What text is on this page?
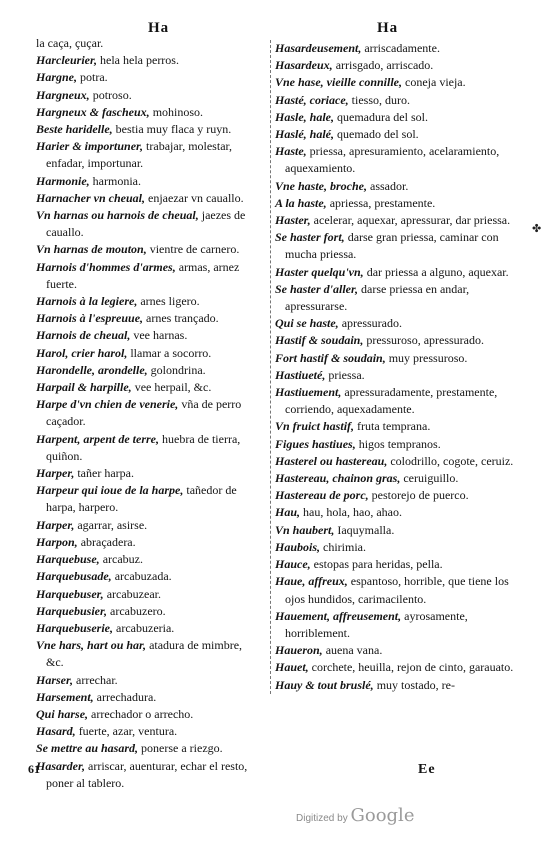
Ha	Ha

la caça, çuçar.

Harcleurier, hela hela perros.

Hargne, potra.

Hargneux, potroso.

Hargneux & fascheux, mohinoso.

Beste haridelle, bestia muy flaca y ruyn.

Harier & importuner, trabajar, molestar, enfadar, importunar.

Harmonie, harmonia.

Harnacher vn cheual, enjaezar vn cauallo.

Vn harnas ou harnois de cheual, jaezes de cauallo.

Vn harnas de mouton, vientre de carnero.

Harnois d'hommes d'armes, armas, arnez fuerte.

Harnois à la legiere, arnes ligero.

Harnois à l'espreuue, arnes trançado.

Harnois de cheual, vee harnas.

Harol, crier harol, llamar a socorro.

Harondelle, arondelle, golondrina.

Harpail & harpille, vee herpail, &c.

Harpe d'vn chien de venerie, vña de perro caçador.

Harpent, arpent de terre, huebra de tierra, quiñon.

Harper, tañer harpa.

Harpeur qui ioue de la harpe, tañedor de harpa, harpero.

Harper, agarrar, asirse.

Harpon, abraçadera.

Harquebuse, arcabuz.

Harquebusade, arcabuzada.

Harquebuser, arcabuzear.

Harquebusier, arcabuzero.

Harquebuserie, arcabuzeria.

Vne hars, hart ou har, atadura de mimbre, &c.

Harser, arrechar.

Harsement, arrechadura.

Qui harse, arrechador o arrecho.

Hasard, fuerte, azar, ventura.

Se mettre au hasard, ponerse a riezgo.

Hasarder, arriscar, auenturar, echar el resto, poner al tablero.

Hasardeusement, arriscadamente.

Hasardeux, arrisgado, arriscado.

Vne hase, vieille connille, coneja vieja.

Hasté, coriace, tiesso, duro.

Hasle, hale, quemadura del sol.

Haslé, halé, quemado del sol.

Haste, priessa, apresuramiento, acelaramiento, aquexamiento.

Vne haste, broche, assador.

A la haste, apriessa, prestamente.

Haster, acelerar, aquexar, apressurar, dar priessa.

Se haster fort, darse gran priessa, caminar con mucha priessa.

Haster quelqu'vn, dar priessa a alguno, aquexar.

Se haster d'aller, darse priessa en andar, apressurarse.

Qui se haste, apressurado.

Hastif & soudain, pressuroso, apressurado.

Fort hastif & soudain, muy pressuroso.

Hastiueté, priessa.

Hastiuement, apressuradamente, prestamente, corriendo, aquexadamente.

Vn fruict hastif, fruta temprana.

Figues hastiues, higos tempranos.

Hasterel ou hastereau, colodrillo, cogote, ceruiz.

Hastereau, chainon gras, ceruiguillo.

Hastereau de porc, pestorejo de puerco.

Hau, hau, hola, hao, ahao.

Vn haubert, Iaquymalla.

Haubois, chirimia.

Hauce, estopas para heridas, pella.

Haue, affreux, espantoso, horrible, que tiene los ojos hundidos, carimacilento.

Hauement, affreusement, ayrosamente, horriblement.

Haueron, auena vana.

Hauet, corchete, heuilla, rejon de cinto, garauato.

Hauy & tout bruslé, muy tostado, re-

✤
61	Ee
Digitized by Google
